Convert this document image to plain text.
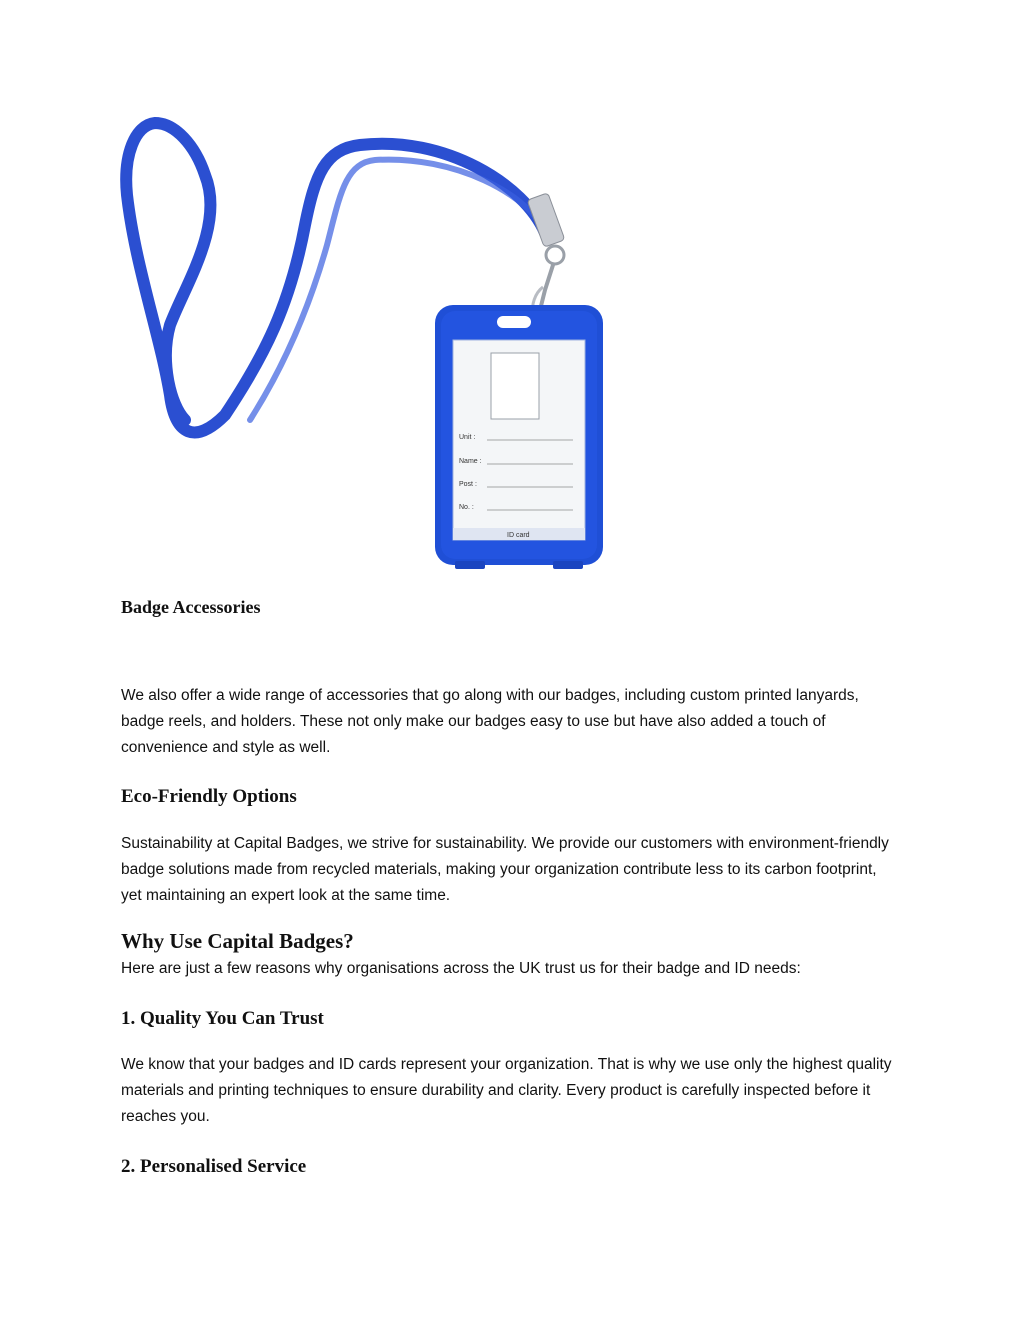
Unit :
Name :
Post :
No. :
ID card
Badge Accessories

We also offer a wide range of accessories that go along with our badges, including custom printed lanyards, badge reels, and holders. These not only make our badges easy to use but have also added a touch of convenience and style as well.

Eco-Friendly Options

Sustainability at Capital Badges, we strive for sustainability. We provide our customers with environment-friendly badge solutions made from recycled materials, making your organization contribute less to its carbon footprint, yet maintaining an expert look at the same time.

Why Use Capital Badges?

Here are just a few reasons why organisations across the UK trust us for their badge and ID needs:

1. Quality You Can Trust

We know that your badges and ID cards represent your organization. That is why we use only the highest quality materials and printing techniques to ensure durability and clarity. Every product is carefully inspected before it reaches you.

2. Personalised Service
